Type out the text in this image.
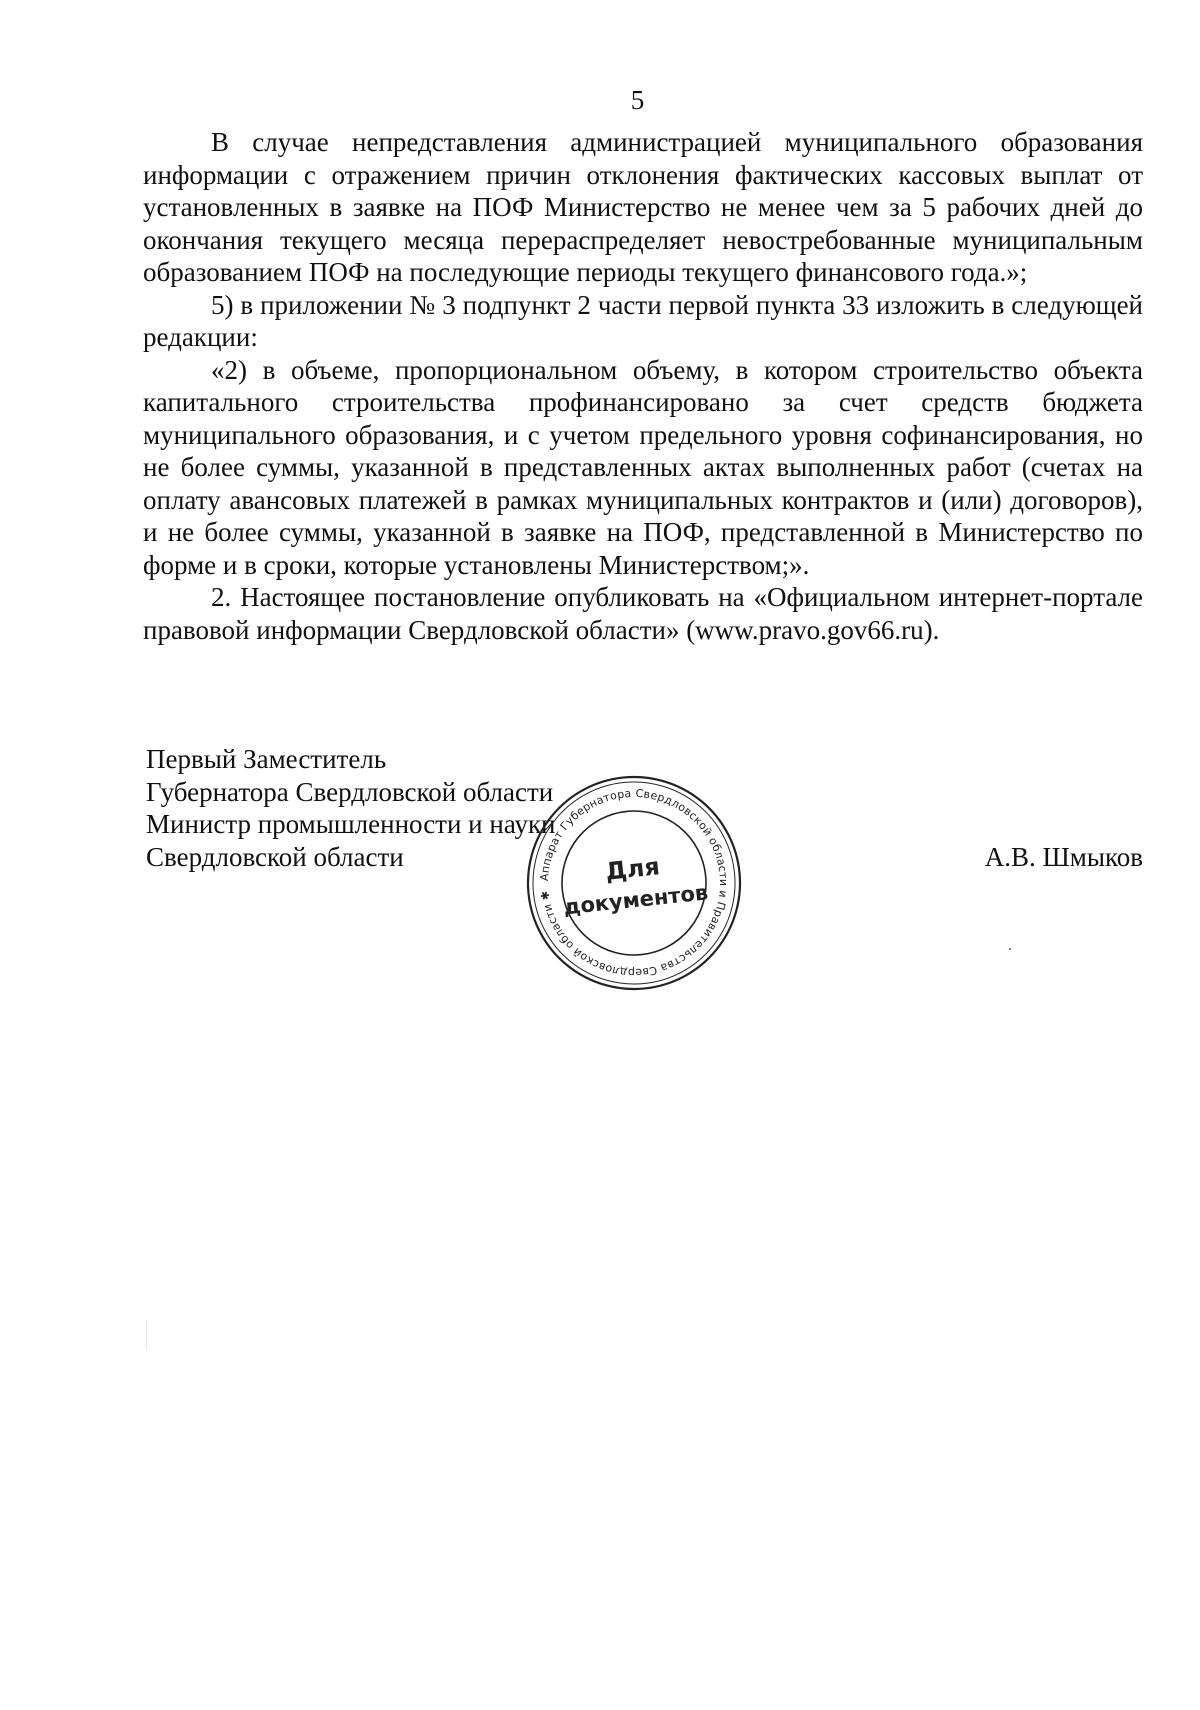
5

В случае непредставления администрацией муниципального образования информации с отражением причин отклонения фактических кассовых выплат от установленных в заявке на ПОФ Министерство не менее чем за 5 рабочих дней до окончания текущего месяца перераспределяет невостребованные муниципальным образованием ПОФ на последующие периоды текущего финансового года.»;

5) в приложении № 3 подпункт 2 части первой пункта 33 изложить в следующей редакции:

«2) в объеме, пропорциональном объему, в котором строительство объекта капитального строительства профинансировано за счет средств бюджета муниципального образования, и с учетом предельного уровня софинансирования, но не более суммы, указанной в представленных актах выполненных работ (счетах на оплату авансовых платежей в рамках муниципальных контрактов и (или) договоров), и не более суммы, указанной в заявке на ПОФ, представленной в Министерство по форме и в сроки, которые установлены Министерством;».

2. Настоящее постановление опубликовать на «Официальном интернет-портале правовой информации Свердловской области» (www.pravo.gov66.ru).

Первый Заместитель
Губернатора Свердловской области
Министр промышленности и науки
Свердловской области	А.В. Шмыков
Аппарат Губернатора Свердловской области и Правительства Свердловской области ✱
Для
документов
